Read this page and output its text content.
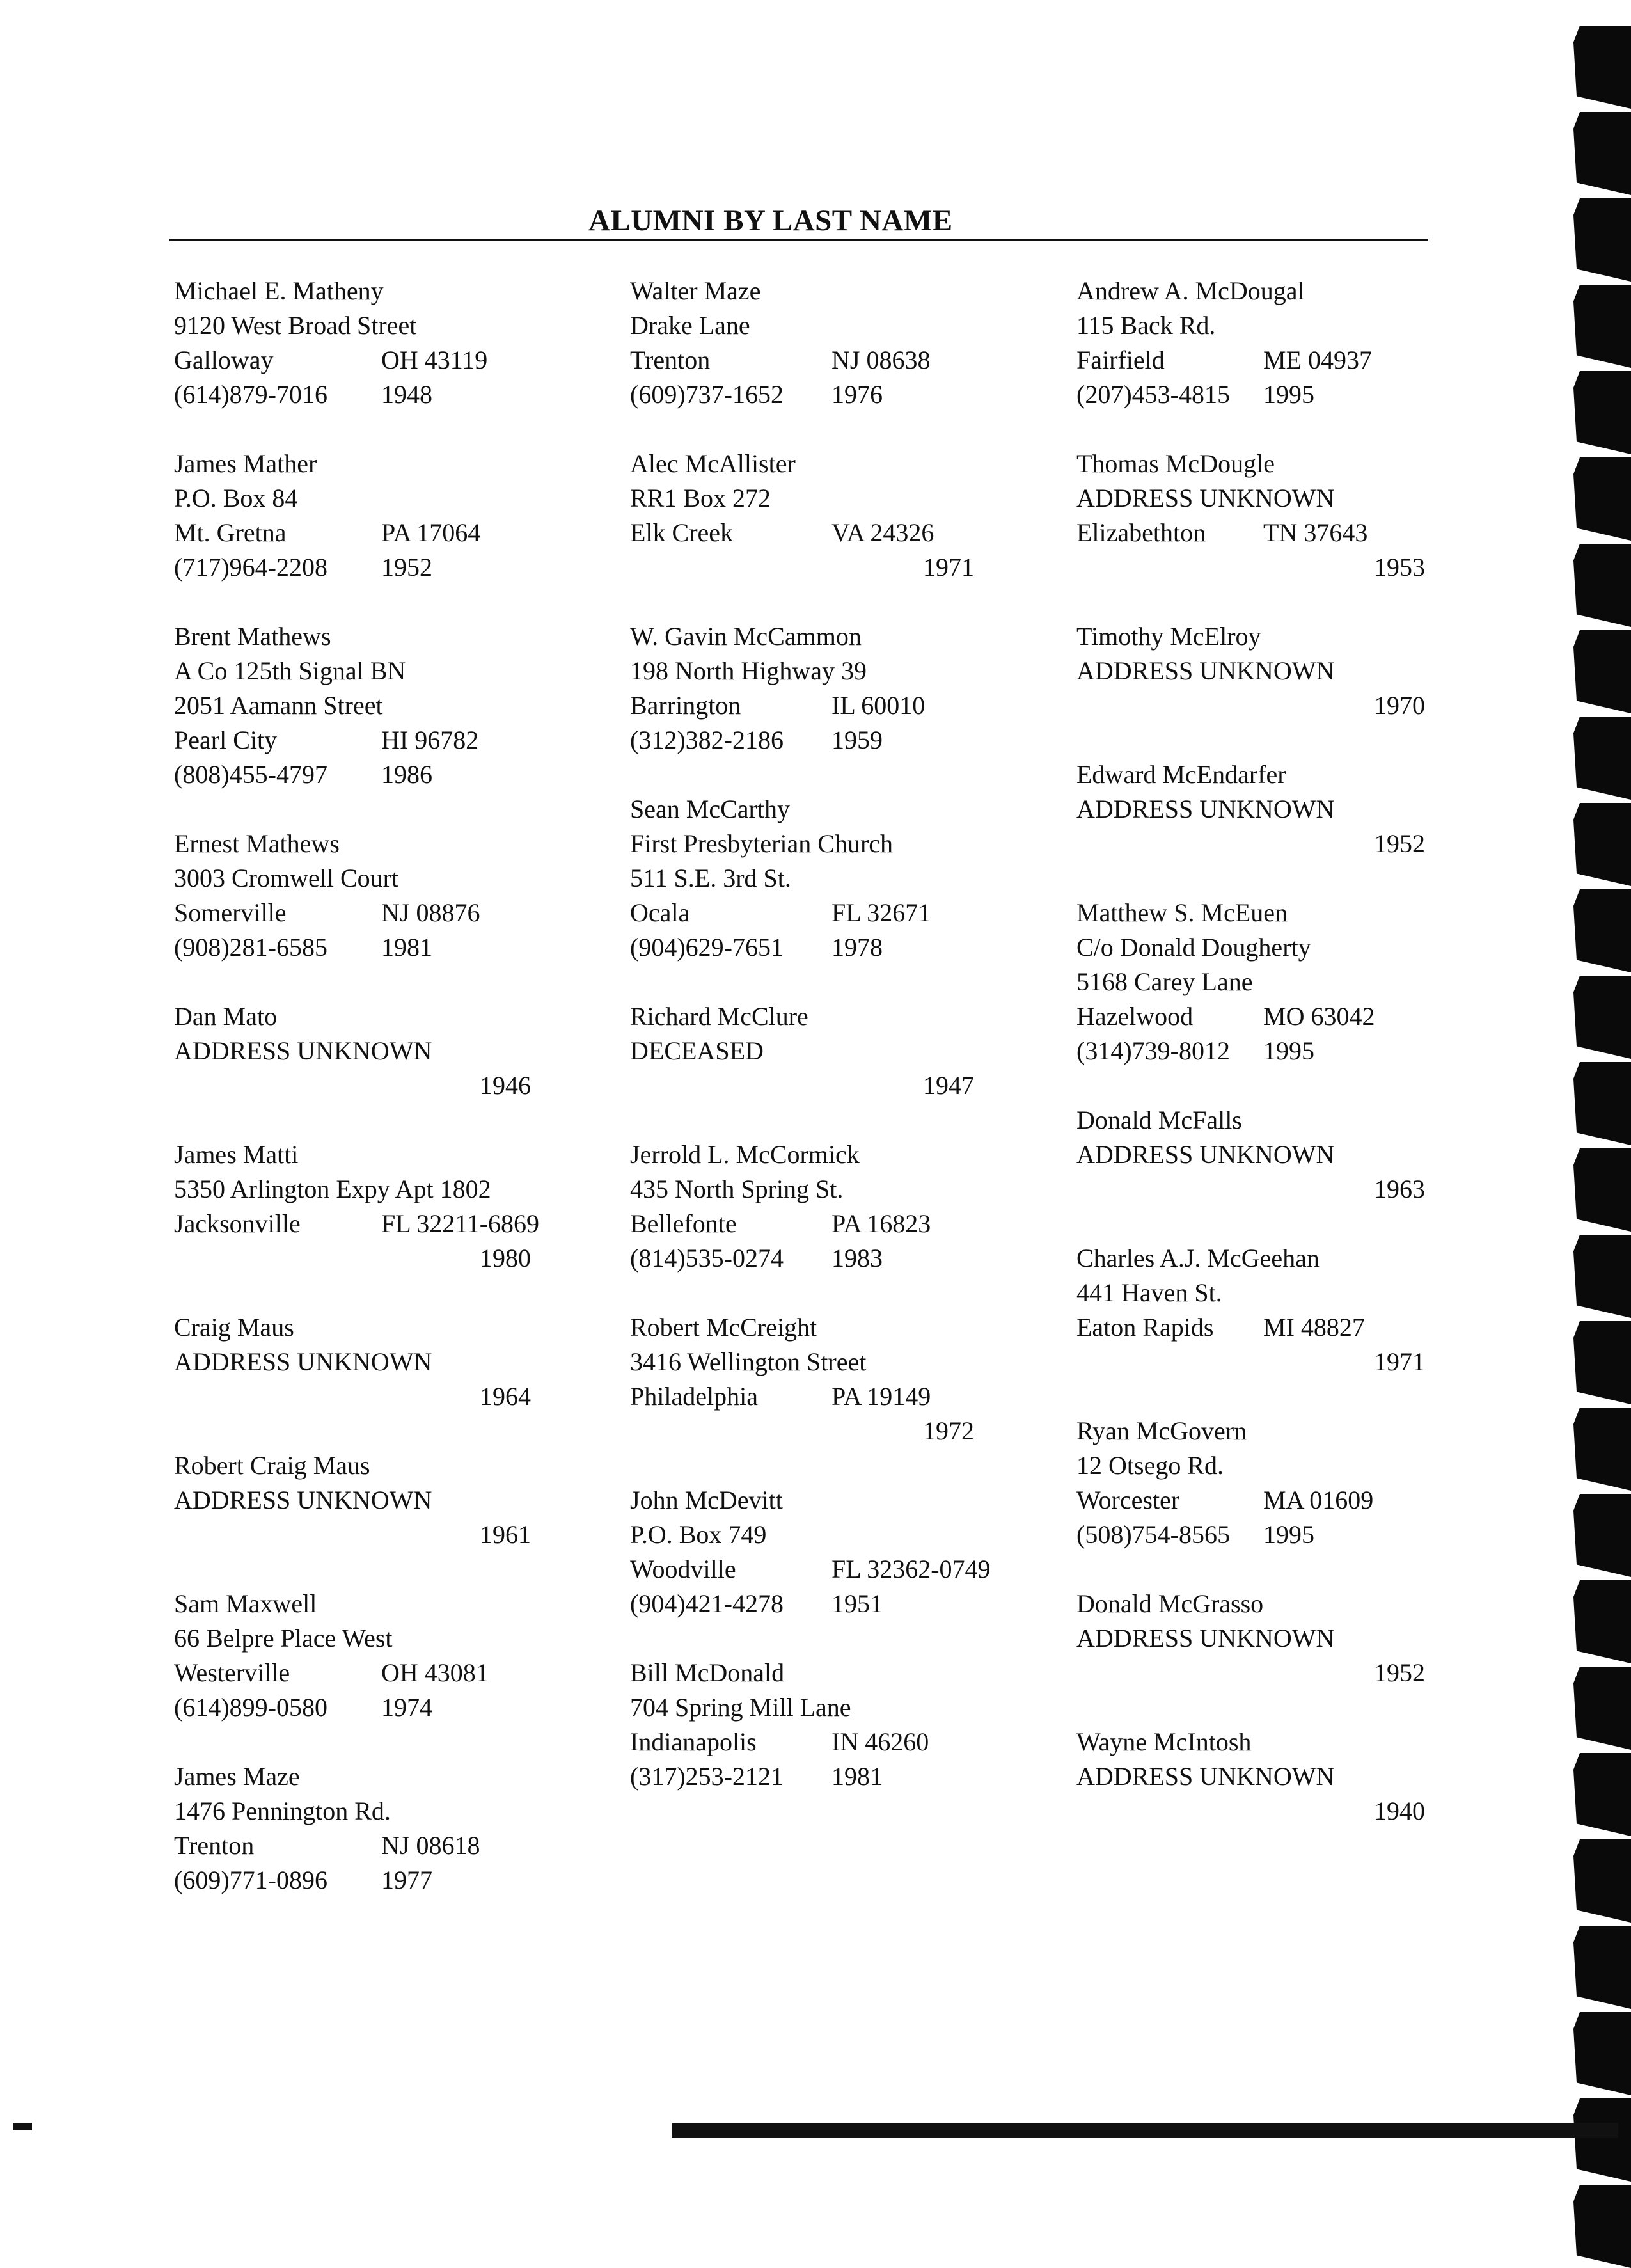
ALUMNI BY LAST NAME
Michael E. Matheny
9120 West Broad Street
Galloway	OH 43119
(614)879-7016 1948
James Mather
P.O. Box 84
Mt. Gretna	PA 17064
(717)964-2208 1952
Brent Mathews
A Co 125th Signal BN
2051 Aamann Street
Pearl City	HI 96782
(808)455-4797 1986
Ernest Mathews
3003 Cromwell Court
Somerville	NJ 08876
(908)281-6585 1981
Dan Mato
ADDRESS UNKNOWN
1946
James Matti
5350 Arlington Expy Apt 1802
Jacksonville	FL 32211-6869
1980
Craig Maus
ADDRESS UNKNOWN
1964
Robert Craig Maus
ADDRESS UNKNOWN
1961
Sam Maxwell
66 Belpre Place West
Westerville	OH 43081
(614)899-0580 1974
James Maze
1476 Pennington Rd.
Trenton	NJ 08618
(609)771-0896 1977
Walter Maze
Drake Lane
Trenton	NJ 08638
(609)737-1652 1976
Alec McAllister
RR1 Box 272
Elk Creek	VA 24326
1971
W. Gavin McCammon
198 North Highway 39
Barrington	IL 60010
(312)382-2186 1959
Sean McCarthy
First Presbyterian Church
511 S.E. 3rd St.
Ocala	FL 32671
(904)629-7651 1978
Richard McClure
DECEASED
1947
Jerrold L. McCormick
435 North Spring St.
Bellefonte	PA 16823
(814)535-0274 1983
Robert McCreight
3416 Wellington Street
Philadelphia	PA 19149
1972
John McDevitt
P.O. Box 749
Woodville	FL 32362-0749
(904)421-4278 1951
Bill McDonald
704 Spring Mill Lane
Indianapolis	IN 46260
(317)253-2121 1981
Andrew A. McDougal
115 Back Rd.
Fairfield	ME 04937
(207)453-4815 1995
Thomas McDougle
ADDRESS UNKNOWN
Elizabethton TN 37643
1953
Timothy McElroy
ADDRESS UNKNOWN
1970
Edward McEndarfer
ADDRESS UNKNOWN
1952
Matthew S. McEuen
C/o Donald Dougherty
5168 Carey Lane
Hazelwood	MO 63042
(314)739-8012 1995
Donald McFalls
ADDRESS UNKNOWN
1963
Charles A.J. McGeehan
441 Haven St.
Eaton Rapids MI 48827
1971
Ryan McGovern
12 Otsego Rd.
Worcester	MA 01609
(508)754-8565 1995
Donald McGrasso
ADDRESS UNKNOWN
1952
Wayne McIntosh
ADDRESS UNKNOWN
1940
